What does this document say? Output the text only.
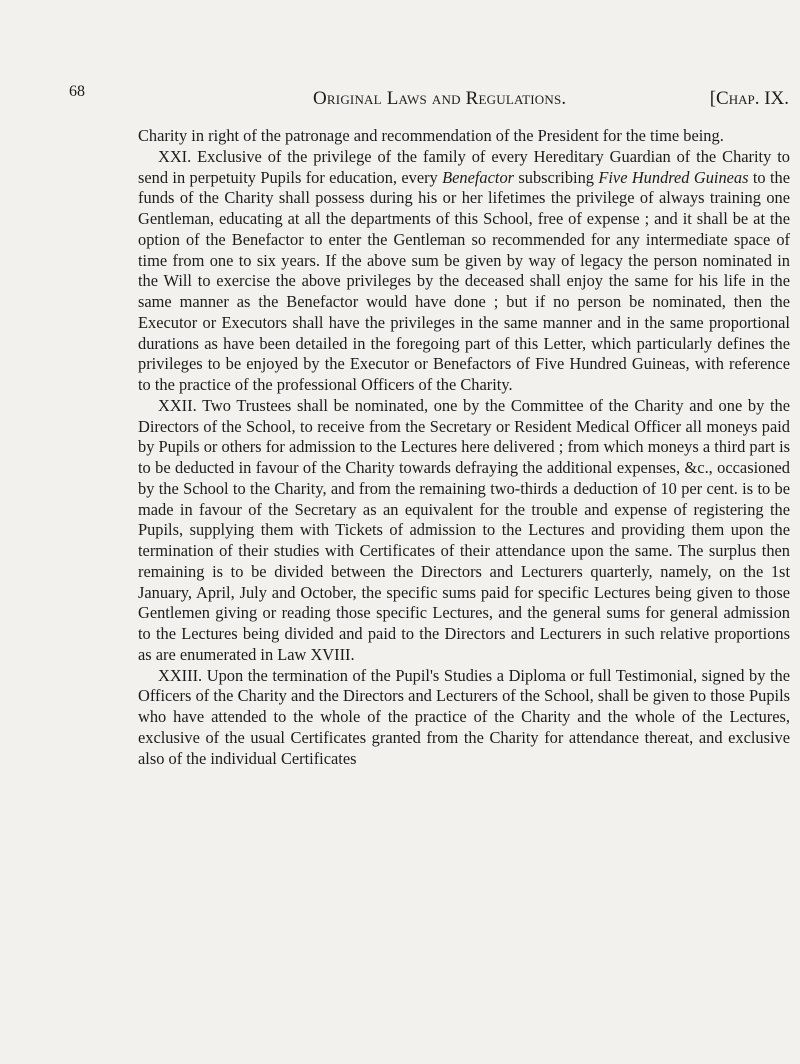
68	Original Laws and Regulations.	[Chap. IX.

Charity in right of the patronage and recommendation of the President for the time being.

XXI. Exclusive of the privilege of the family of every Hereditary Guardian of the Charity to send in perpetuity Pupils for education, every Benefactor subscribing Five Hundred Guineas to the funds of the Charity shall possess during his or her lifetimes the privilege of always training one Gentleman, educating at all the departments of this School, free of expense ; and it shall be at the option of the Benefactor to enter the Gentleman so recommended for any intermediate space of time from one to six years. If the above sum be given by way of legacy the person nominated in the Will to exercise the above privileges by the deceased shall enjoy the same for his life in the same manner as the Benefactor would have done ; but if no person be nominated, then the Executor or Executors shall have the privileges in the same manner and in the same proportional durations as have been detailed in the foregoing part of this Letter, which particularly defines the privileges to be enjoyed by the Executor or Benefactors of Five Hundred Guineas, with reference to the practice of the professional Officers of the Charity.

XXII. Two Trustees shall be nominated, one by the Committee of the Charity and one by the Directors of the School, to receive from the Secretary or Resident Medical Officer all moneys paid by Pupils or others for admission to the Lectures here delivered ; from which moneys a third part is to be deducted in favour of the Charity towards defraying the additional expenses, &c., occasioned by the School to the Charity, and from the remaining two-thirds a deduction of 10 per cent. is to be made in favour of the Secretary as an equivalent for the trouble and expense of registering the Pupils, supplying them with Tickets of admission to the Lectures and providing them upon the termination of their studies with Certificates of their attendance upon the same. The surplus then remaining is to be divided between the Directors and Lecturers quarterly, namely, on the 1st January, April, July and October, the specific sums paid for specific Lectures being given to those Gentlemen giving or reading those specific Lectures, and the general sums for general admission to the Lectures being divided and paid to the Directors and Lecturers in such relative proportions as are enumerated in Law XVIII.

XXIII. Upon the termination of the Pupil's Studies a Diploma or full Testimonial, signed by the Officers of the Charity and the Directors and Lecturers of the School, shall be given to those Pupils who have attended to the whole of the practice of the Charity and the whole of the Lectures, exclusive of the usual Certificates granted from the Charity for attendance thereat, and exclusive also of the individual Certificates
